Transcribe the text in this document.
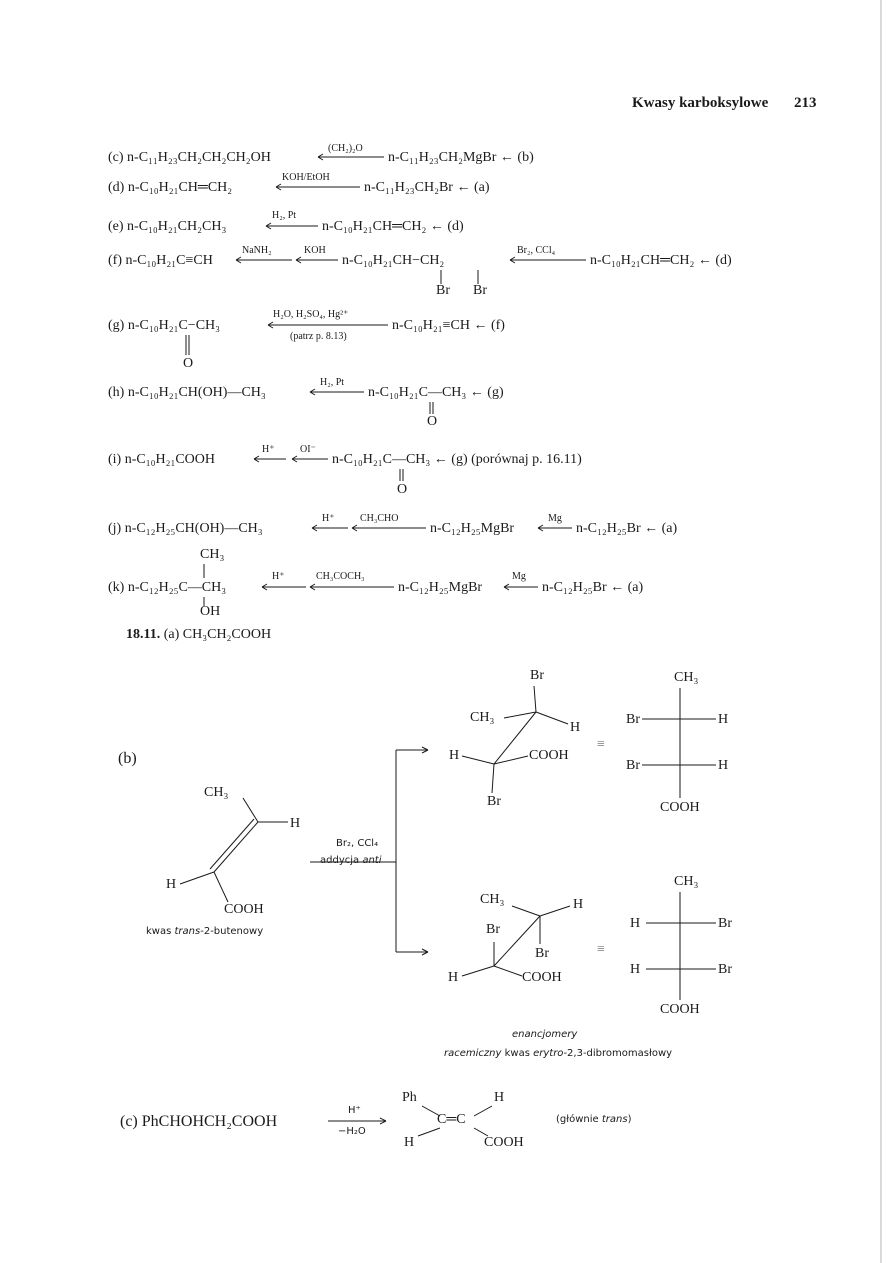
Kwasy karboksylowe 213
(c) n-C₁₁H₂₃CH₂CH₂CH₂OH
(CH₂)₂O
n-C₁₁H₂₃CH₂MgBr ← (b)
(d) n-C₁₀H₂₁CH═CH₂
KOH/EtOH
n-C₁₁H₂₃CH₂Br ← (a)
(e) n-C₁₀H₂₁CH₂CH₃
H₂, Pt
n-C₁₀H₂₁CH═CH₂ ← (d)
(f) n-C₁₀H₂₁C≡CH
NaNH₂	KOH
n-C₁₀H₂₁CH−CH₂
Br₂, CCl₄
n-C₁₀H₂₁CH═CH₂ ← (d)
Br Br
(g) n-C₁₀H₂₁C−CH₃
H₂O, H₂SO₄, Hg²⁺
(patrz p. 8.13)
n-C₁₀H₂₁≡CH ← (f)
O
(h) n-C₁₀H₂₁CH(OH)—CH₃
H₂, Pt
n-C₁₀H₂₁C—CH₃ ← (g)
O
(i) n-C₁₀H₂₁COOH
H⁺	OI⁻
n-C₁₀H₂₁C—CH₃ ← (g) (porównaj p. 16.11)
O
(j) n-C₁₂H₂₅CH(OH)—CH₃
H⁺	CH₃CHO
n-C₁₂H₂₅MgBr
Mg
n-C₁₂H₂₅Br ← (a)
CH₃
(k) n-C₁₂H₂₅C—CH₃
H⁺	CH₃COCH₃
n-C₁₂H₂₅MgBr
Mg
n-C₁₂H₂₅Br ← (a)
OH
18.11. (a) CH₃CH₂COOH
(b)
CH₃
H
H
COOH
kwas trans-2-butenowy
Br₂, CCl₄
addycja anti
Br
CH₃
H
H	COOH
Br
≡
CH₃
Br	H
Br	H
COOH
CH₃	H
Br
Br
H	COOH
≡
CH₃
H	Br
H	Br
COOH
enancjomery
racemiczny kwas erytro-2,3-dibromomasłowy
(c) PhCHOHCH₂COOH
H⁺
−H₂O
Ph	H
C═C
H	COOH
(głównie trans)
